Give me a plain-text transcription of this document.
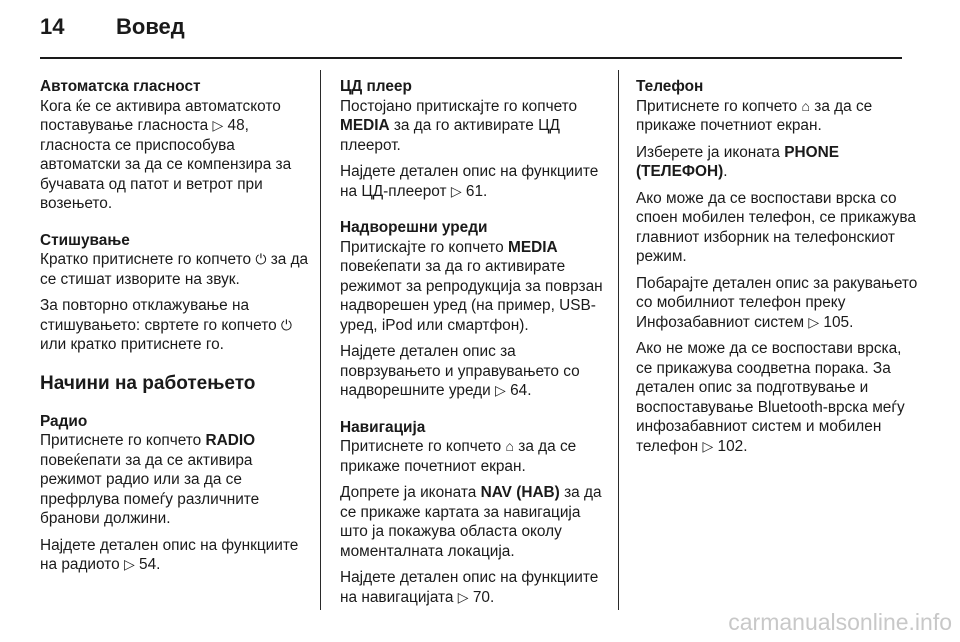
14 Вовед

Автоматска гласност

Кога ќе се активира автоматското поставување гласноста ▷ 48, гласноста се приспособува автоматски за да се компензира за бучавата од патот и ветрот при возењето.

Стишување

Кратко притиснете го копчето ⏻ за да се стишат изворите на звук.

За повторно отклажување на стишувањето: свртете го копчето ⏻ или кратко притиснете го.

Начини на работењето

Радио

Притиснете го копчето RADIO повеќепати за да се активира режимот радио или за да се префрлува помеѓу различните бранови должини.

Најдете деталeн опис на функциите на радиото ▷ 54.

ЦД плеер

Постојано притискајте го копчето MEDIA за да го активирате ЦД плеерот.

Најдете детален опис на функциите на ЦД-плеерот ▷ 61.

Надворешни уреди

Притискајте го копчето MEDIA повеќепати за да го активирате режимот за репродукција за поврзан надворешен уред (на пример, USB-уред, iPod или смартфон).

Најдете детален опис за поврзувањето и управувањето со надворешните уреди ▷ 64.

Навигација

Притиснете го копчето ⌂ за да се прикаже почетниот екран.

Допрете ја иконата NAV (НАВ) за да се прикаже картата за навигација што ја покажува областа околу моменталната локација.

Најдете детален опис на функциите на навигацијата ▷ 70.

Телефон

Притиснете го копчето ⌂ за да се прикаже почетниот екран.

Изберете ја иконата PHONE (ТЕЛЕФОН).

Ако може да се воспостави врска со споен мобилен телефон, се прикажува главниот изборник на телефонскиот режим.

Побарајте детален опис за ракувањето со мобилниот телефон преку Инфозабавниот систем ▷ 105.

Ако не може да се воспостави врска, се прикажува соодветна порака. За детален опис за подготвување и воспоставување Bluetooth-врска меѓу инфозабавниот систем и мобилен телефон ▷ 102.

carmanualsonline.info
